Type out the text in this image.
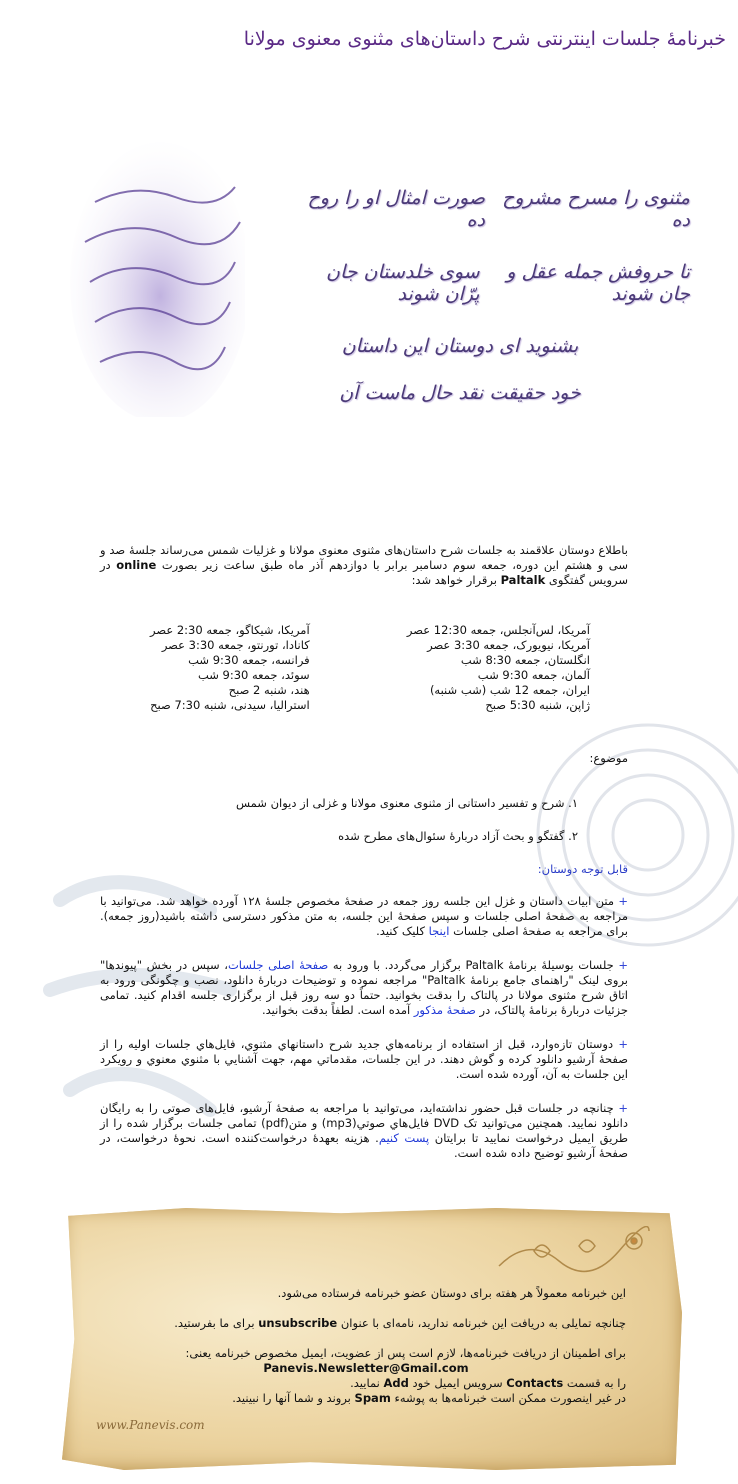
خبرنامۀ جلسات اینترنتی شرح داستان‌های مثنوی معنوی مولانا
مثنوی را مسرح مشروح ده
صورت امثال او را روح ده
تا حروفش جمله عقل و جان شوند
سوی خلدستان جان پرّان شوند
بشنوید ای دوستان این داستان
خود حقیقت نقد حال ماست آن
باطلاع دوستان علاقمند به جلسات شرح داستان‌های مثنوی معنوی مولانا و غزلیات شمس می‌رساند جلسۀ صد و سی و هشتم این دوره، جمعه سوم دسامبر برابر با دوازدهم آذر ماه طبق ساعت زیر بصورت online در سرویس گفتگوی Paltalk برقرار خواهد شد:
آمریکا، لس‌آنجلس، جمعه 12:30 عصر
آمریکا، نیویورک، جمعه 3:30 عصر
انگلستان، جمعه 8:30 شب
آلمان، جمعه 9:30 شب
ایران، جمعه 12 شب (شب شنبه)
ژاپن، شنبه 5:30 صبح
آمریکا، شیکاگو، جمعه 2:30 عصر
کانادا، تورنتو، جمعه 3:30 عصر
فرانسه، جمعه 9:30 شب
سوئد، جمعه 9:30 شب
هند، شنبه 2 صبح
استرالیا، سیدنی، شنبه 7:30 صبح
موضوع:
۱. شرح و تفسیر داستانی از مثنوی معنوی مولانا و غزلی از دیوان شمس
۲. گفتگو و بحث آزاد دربارۀ سئوال‌های مطرح شده
قابل توجه دوستان:

+ متن ابیات داستان و غزل این جلسه روز جمعه در صفحۀ مخصوص جلسۀ ۱۲۸ آورده خواهد شد. می‌توانید با مراجعه به صفحۀ اصلی جلسات و سپس صفحۀ این جلسه، به متن مذکور دسترسی داشته باشید(روز جمعه). برای مراجعه به صفحۀ اصلی جلسات اینجا کلیک کنید.

+ جلسات بوسیلۀ برنامۀ Paltalk برگزار می‌گردد. با ورود به صفحۀ اصلی جلسات، سپس در بخش "پیوندها" بروی لینک "راهنمای جامع برنامۀ Paltalk" مراجعه نموده و توضیحات دربارۀ دانلود، نصب و چگونگی ورود به اتاق شرح مثنوی مولانا در پالتاک را بدقت بخوانید. حتماً دو سه روز قبل از برگزاری جلسه اقدام کنید. تمامی جزئیات دربارۀ برنامۀ پالتاک، در صفحۀ مذکور آمده است. لطفاً بدقت بخوانید.

+ دوستان تازه‌وارد، قبل از استفاده از برنامه‌هاي جديد شرح داستانهاي مثنوي، فايل‌هاي جلسات اوليه را از صفحۀ آرشيو دانلود کرده و گوش دهند. در اين جلسات، مقدماتي مهم، جهت آشنايي با مثنوي معنوي و رويکرد اين جلسات به آن، آورده شده است.

+ چنانچه در جلسات قبل حضور نداشته‌اید، می‌توانید با مراجعه به صفحۀ آرشیو، فایل‌های صوتی را به رایگان دانلود نمایید. همچنین می‌توانید تک DVD فایل‌هاي صوتي(mp3) و متن(pdf) تمامی جلسات برگزار شده را از طریق ایمیل درخواست نمایید تا برایتان پست کنیم. هزینه بعهدۀ درخواست‌کننده است. نحوۀ درخواست، در صفحۀ آرشیو توضیح داده شده است.

این خبرنامه معمولاً هر هفته برای دوستان عضو خبرنامه فرستاده می‌شود.

چنانچه تمایلی به دریافت این خبرنامه ندارید، نامه‌ای با عنوان unsubscribe برای ما بفرستید.

برای اطمینان از دریافت خبرنامه‌ها، لازم است پس از عضویت، ایمیل مخصوص خبرنامه یعنی:
Panevis.Newsletter@Gmail.com
را به قسمت Contacts سرویس ایمیل خود Add نمایید.
در غیر اینصورت ممکن است خبرنامه‌ها به پوشهء Spam بروند و شما آنها را نبینید.
www.Panevis.com
